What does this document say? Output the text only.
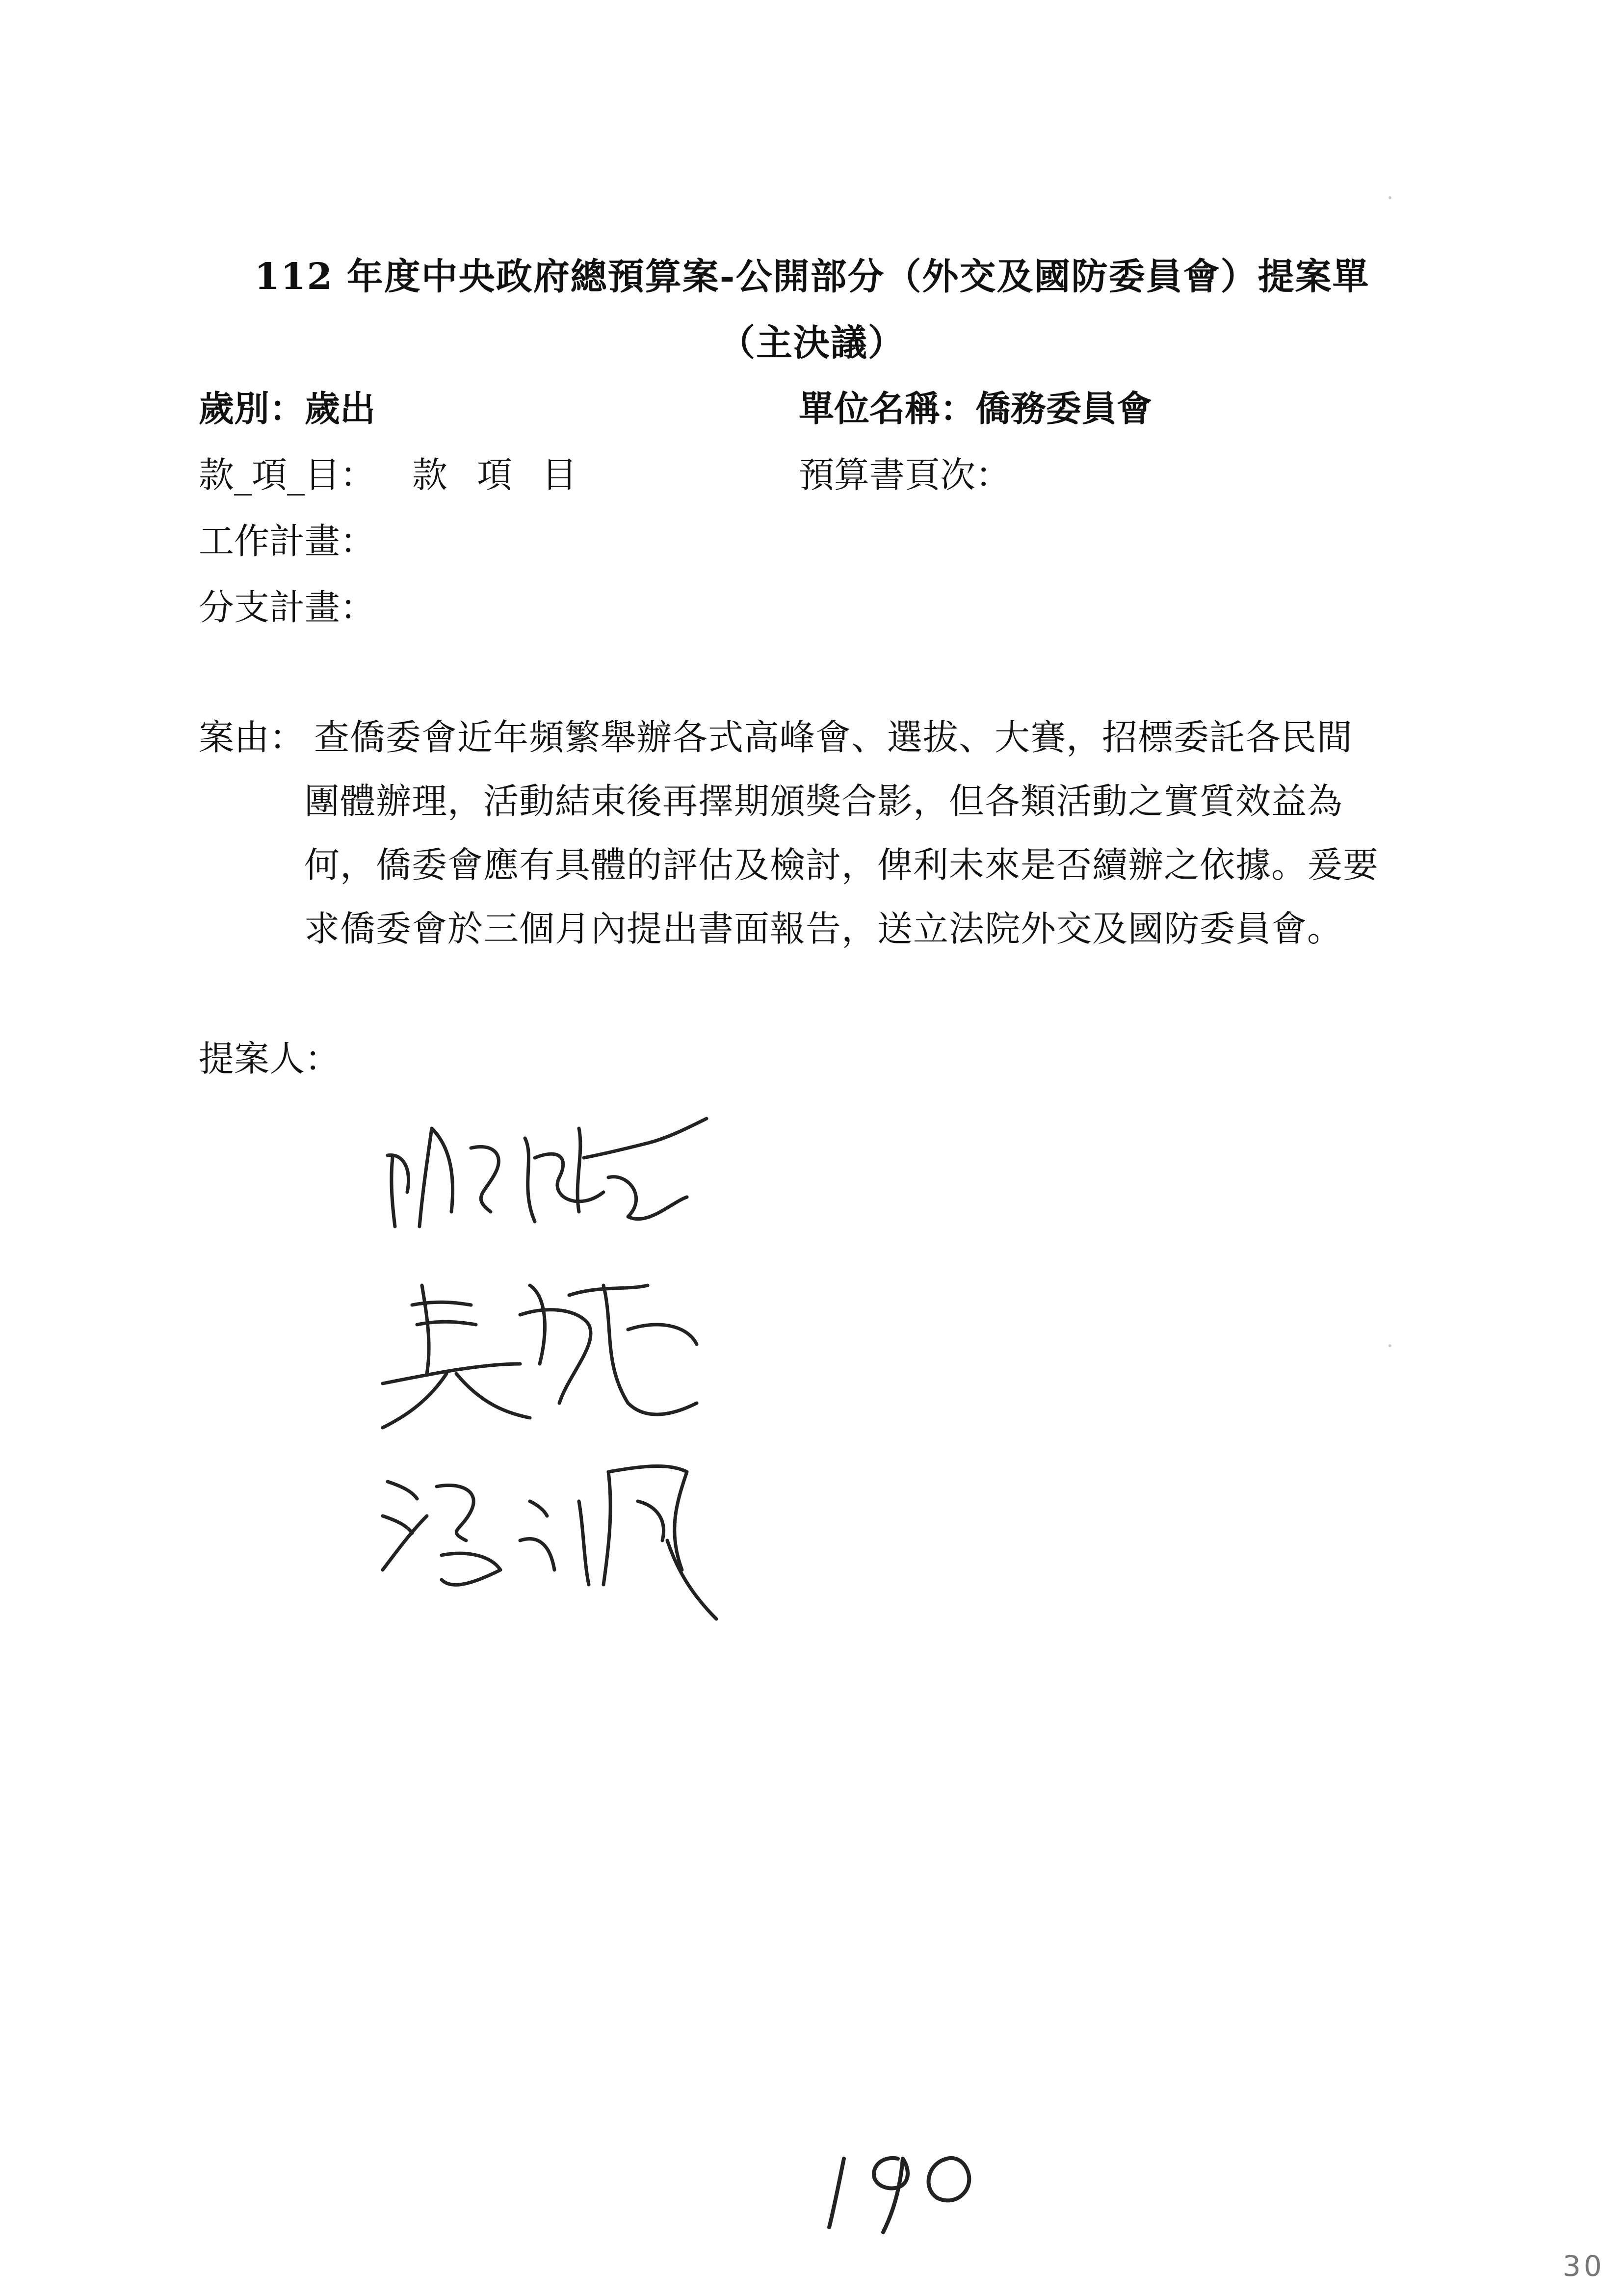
112 年度中央政府總預算案-公開部分（外交及國防委員會）提案單
（主決議）
歲別：歲出	單位名稱：僑務委員會
款_項_目： 款項目	預算書頁次：
工作計畫：
分支計畫：
案由： 查僑委會近年頻繁舉辦各式高峰會、選拔、大賽，招標委託各民間
團體辦理，活動結束後再擇期頒獎合影，但各類活動之實質效益為
何，僑委會應有具體的評估及檢討，俾利未來是否續辦之依據。爰要
求僑委會於三個月內提出書面報告，送立法院外交及國防委員會。
提案人：
30
